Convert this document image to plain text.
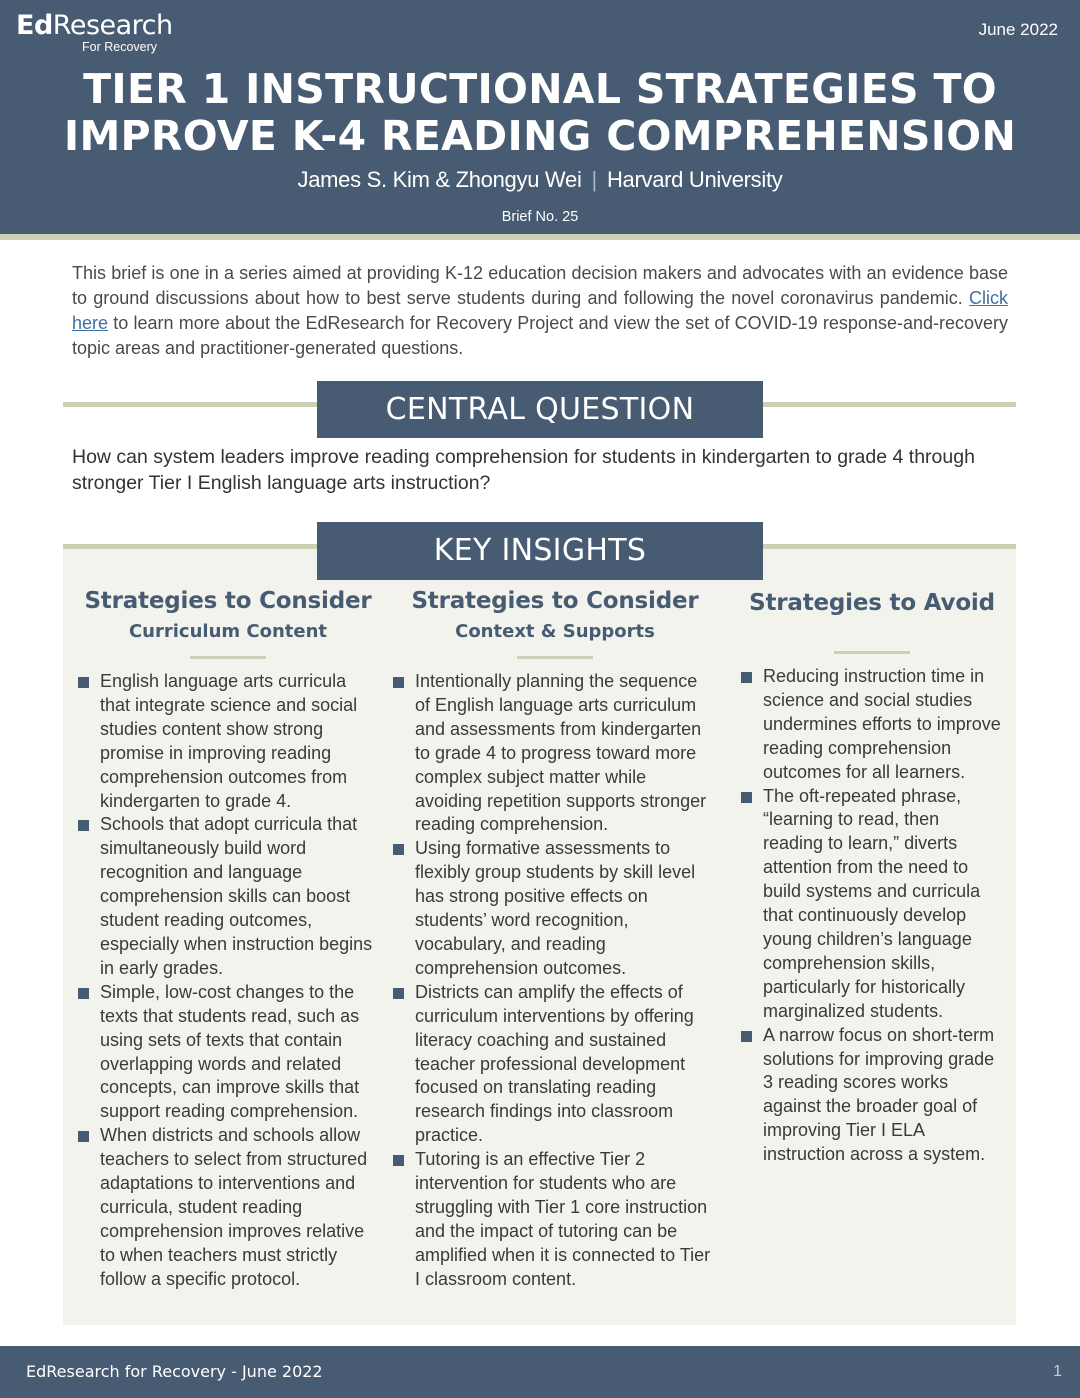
EdResearch
For Recovery
June 2022
TIER 1 INSTRUCTIONAL STRATEGIES TO
IMPROVE K-4 READING COMPREHENSION
James S. Kim & Zhongyu Wei | Harvard University
Brief No. 25
This brief is one in a series aimed at providing K-12 education decision makers and advocates with an evidence base to ground discussions about how to best serve students during and following the novel coronavirus pandemic. Click here to learn more about the EdResearch for Recovery Project and view the set of COVID-19 response-and-recovery topic areas and practitioner-generated questions.
CENTRAL QUESTION
How can system leaders improve reading comprehension for students in kindergarten to grade 4 through stronger Tier I English language arts instruction?
KEY INSIGHTS
Strategies to Consider
Curriculum Content
English language arts curricula that integrate science and social studies content show strong promise in improving reading comprehension outcomes from kindergarten to grade 4.
Schools that adopt curricula that simultaneously build word recognition and language comprehension skills can boost student reading outcomes, especially when instruction begins in early grades.
Simple, low-cost changes to the texts that students read, such as using sets of texts that contain overlapping words and related concepts, can improve skills that support reading comprehension.
When districts and schools allow teachers to select from structured adaptations to interventions and curricula, student reading comprehension improves relative to when teachers must strictly follow a specific protocol.
Strategies to Consider
Context & Supports
Intentionally planning the sequence of English language arts curriculum and assessments from kindergarten to grade 4 to progress toward more complex subject matter while avoiding repetition supports stronger reading comprehension.
Using formative assessments to flexibly group students by skill level has strong positive effects on students’ word recognition, vocabulary, and reading comprehension outcomes.
Districts can amplify the effects of curriculum interventions by offering literacy coaching and sustained teacher professional development focused on translating reading research findings into classroom practice.
Tutoring is an effective Tier 2 intervention for students who are struggling with Tier 1 core instruction and the impact of tutoring can be amplified when it is connected to Tier I classroom content.
Strategies to Avoid
Reducing instruction time in science and social studies undermines efforts to improve reading comprehension outcomes for all learners.
The oft-repeated phrase, “learning to read, then reading to learn,” diverts attention from the need to build systems and curricula that continuously develop young children’s language comprehension skills, particularly for historically marginalized students.
A narrow focus on short-term solutions for improving grade 3 reading scores works against the broader goal of improving Tier I ELA instruction across a system.
EdResearch for Recovery - June 2022	1
